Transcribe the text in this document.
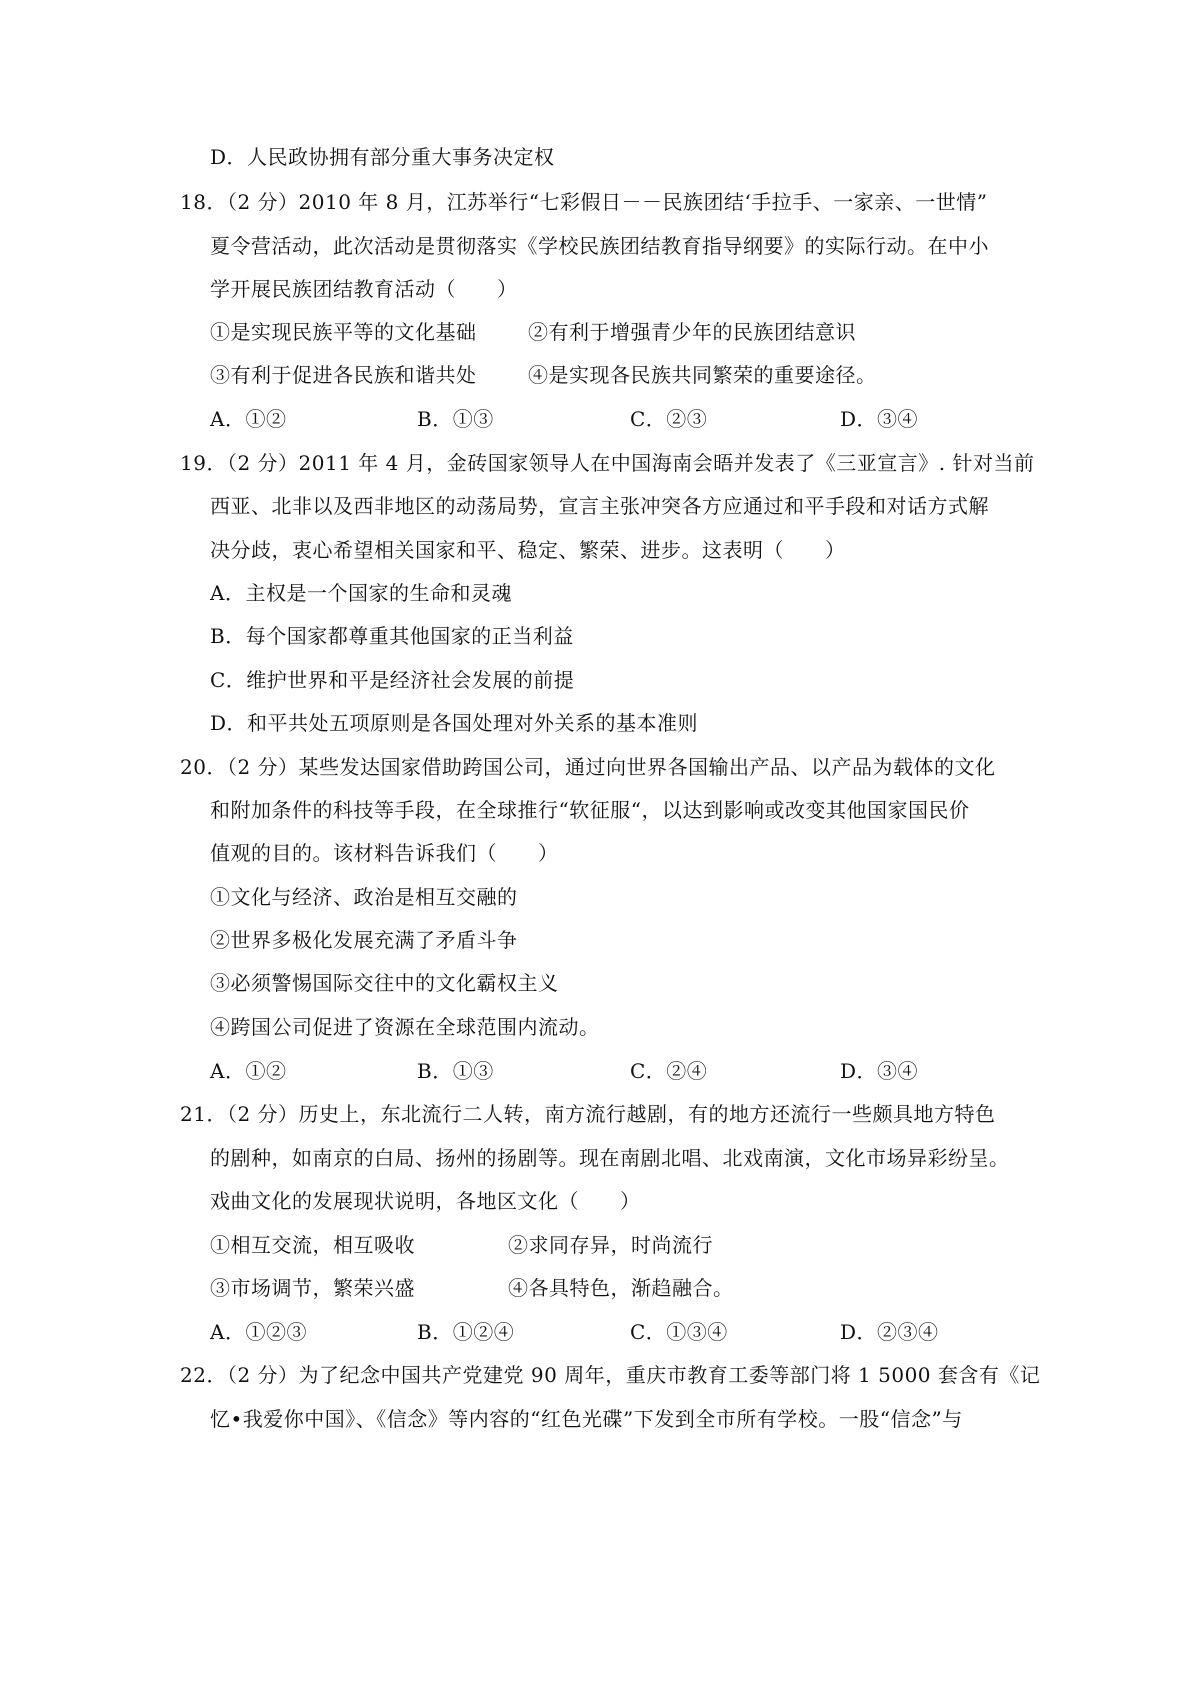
D．人民政协拥有部分重大事务决定权
18．（2 分）2010 年 8 月，江苏举行“七彩假日－－民族团结‘手拉手、一家亲、一世情”
夏令营活动，此次活动是贯彻落实《学校民族团结教育指导纲要》的实际行动。在中小
学开展民族团结教育活动（　　）
①是实现民族平等的文化基础	②有利于增强青少年的民族团结意识
③有利于促进各民族和谐共处	④是实现各民族共同繁荣的重要途径。
A．①②	B．①③	C．②③	D．③④
19．（2 分）2011 年 4 月，金砖国家领导人在中国海南会晤并发表了《三亚宣言》. 针对当前
西亚、北非以及西非地区的动荡局势，宣言主张冲突各方应通过和平手段和对话方式解
决分歧，衷心希望相关国家和平、稳定、繁荣、进步。这表明（　　）
A．主权是一个国家的生命和灵魂
B．每个国家都尊重其他国家的正当利益
C．维护世界和平是经济社会发展的前提
D．和平共处五项原则是各国处理对外关系的基本准则
20．（2 分）某些发达国家借助跨国公司，通过向世界各国输出产品、以产品为载体的文化
和附加条件的科技等手段，在全球推行“软征服“，以达到影响或改变其他国家国民价
值观的目的。该材料告诉我们（　　）
①文化与经济、政治是相互交融的
②世界多极化发展充满了矛盾斗争
③必须警惕国际交往中的文化霸权主义
④跨国公司促进了资源在全球范围内流动。
A．①②	B．①③	C．②④	D．③④
21．（2 分）历史上，东北流行二人转，南方流行越剧，有的地方还流行一些颇具地方特色
的剧种，如南京的白局、扬州的扬剧等。现在南剧北唱、北戏南演，文化市场异彩纷呈。
戏曲文化的发展现状说明，各地区文化（　　）
①相互交流，相互吸收	②求同存异，时尚流行
③市场调节，繁荣兴盛	④各具特色，渐趋融合。
A．①②③	B．①②④	C．①③④	D．②③④
22．（2 分）为了纪念中国共产党建党 90 周年，重庆市教育工委等部门将 1 5000 套含有《记
忆•我爱你中国》、《信念》等内容的“红色光碟”下发到全市所有学校。一股“信念”与
